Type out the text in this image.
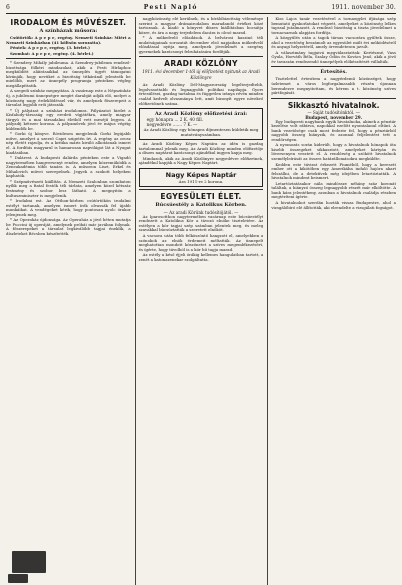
6	Pesti Napló	1911. november 30.
IRODALOM ÉS MŰVÉSZET.
A színházak műsora:

Csütörtök: A p e p e, regény. Nemzeti Színház: Miért a Nemzeti Színházban (41 költsön sorozatta).

Péntek: A p e p e, regény. (3. bérlet.)

Szombat: A p e p e, regény. (4. bérlet.)

* Szendrey Mihály jubileuma. A Szendrey-jubileum rendező-bizottsága fölkéri mindazokat, akik a Pesti Hírlaphoz megküldött aláírásaikkal az ünneplés ügyét támogatni kívánják, hogy nevüket a bizottság titkáránál jelentsék be mielőbb, mert az ünnepély programja pénteken végleg megállapíttatik.

A szegedi színház megnyitása. A vasárnap este a Népszínház új, a jubileumi ünnepségre megírt darabját adják elő, melyet a közönség nagy érdeklődéssel vár, és amelynek főszerepeit a társulat legjobb erői játsszák.

* Új pályázat a színházi irodalomra. Pályázatot hirdet a Kisfaludy-társaság egy eredeti vígjátékra, amely magyar tárgyú és a mai társadalmi életből vett meséjű legyen. A pályadíj kétezer korona. A pályaművek jövő év május végéig küldendők be.

* Gorki új könyve. Rövidesen megjelenik Gorki legújabb műve, amelyet a szerző Capri szigetén írt. A regény az orosz nép életét rajzolja, és a kritika máris kiváló alkotásnak ismeri el. A fordítás magyarul is hamarosan napvilágot lát a Nyugat kiadásában.

* Dalárest. A budapesti dalárda pénteken este a Vigadó nagytermében hangversenyt rendez, amelyen közreműködik a Zeneakadémia több tanára is. A műsoron Liszt, Erkel és Mihalovich művei szerepelnek. Jegyek a szokott helyeken kaphatók.

* Szépművészeti kiállítás. A Nemzeti Szalonban szombaton nyílik meg a fiatal festők téli tárlata, amelyen közel kétszáz festmény és szobor lesz látható. A megnyitón a kultuszminiszter is megjelenik.

* Irodalmi est. Az Otthon-körben csütörtökön irodalmi estélyt tartanak, amelyen ismert írók olvassák fel újabb munkáikat. A vendégeket kérik, hogy pontosan nyolc órakor jelenjenek meg.

* Az Operaház újdonsága. Az Operaház a jövő héten mutatja be Puccini új operáját, amelynek próbái már javában folynak. A főszerepeket a társulat legkiválóbb tagjai éneklik, a díszleteket Bécsben készítették.

nagyközönség elé kerülnek, és a bírálóbizottság véleménye szerint a magyar drámairodalom maradandó értékei közé tartoznak. A kiadó a könyvet díszes kiállításban bocsátja közre, és ára a nagy terjedelem dacára is olcsó marad.

* A műkedvelő előadások. A belvárosi kaszinó téli mulatságainak sorozatát december első napjaiban műkedvelő előadással nyitja meg, amelynek jövedelmét a szegény gyermekek karácsonyi felruházására fordítják.

ARADI KÖZLÖNY
1911. évi december 1-től új előfizetést nyitunk az Aradi Közlönyre

Az Aradi Közlöny Dél-Magyarország legelterjedtebb, legolvasottabb és legnagyobb politikai napilapja. Gyors értesülései, gazdag tartalma és független iránya révén minden család kedvelt olvasmánya lett, amit bizonyít egyre növekvő előfizetőinek száma.

Az Aradi Közlöny előfizetési árai:
egy hónapra ... 2 K. 40 fill.
negyedévre ....... 7 K. —
Az Aradi Közlöny egy hónapra díjmentesen küldetik meg mutatványszámban.

Az Aradi Közlöny Képes Naptára az idén is gazdag tartalommal jelenik meg. Az Aradi Közlöny minden előfizetője a díszes naptárat karácsonyi ajándékul ingyen kapja meg.

Mindazok, akik az Aradi Közlönyre negyedévre előfizetnek, ajándékul kapják a Nagy Képes Naptárt.

Nagy Képes Naptár
Ára 1911-re 2 korona.
EGYESÜLETI ÉLET.
Búcsúestély a Katolikus Körben.
— Az aradi Körünk tudósítójától. —

Az Iparosotthon nagytermében vasárnap este búcsúestélyt rendezett a Katolikus Kör a távozó elnöke tiszteletére. Az estélyen a kör tagjai szép számban jelentek meg, és meleg szavakkal búcsúztatták a szeretett elnököt.

A vacsora után több felköszöntő hangzott el, amelyekben a szónokok az elnök érdemeit méltatták. Az ünnepelt meghatottan mondott köszönetet a szíves megemlékezésért, és ígérte, hogy távolból is a kör hű tagja marad.

Az estély a késő éjjeli órákig kellemes hangulatban tartott, a zenét a katonazenekar szolgáltatta.

Kiss Lajos tanár vezetésével a tornaegylet ifjúsága szép bemutató gyakorlatokat végzett, amelyeket a közönség lelkes tapssal jutalmazott. A rendező bizottság a tiszta jövedelmet a tornacsarnok alapjára fordítja.

A közgyűlés után a tagok társas vacsorára gyűltek össze, ahol a vezetőség beszámolt az egyesület múlt évi működéséről és anyagi helyzetéről, amely örvendetesen javult.

A választmány tagjaivá megválasztattak: Kertészné, Vass Gyula, Horváth Béla, Szalay Ödön és Kovács Jenő, akik a jövő év tavaszán rendezendő ünnepélyek előkészítését vállalták.

Értesítés.

Tisztelettel értesítem a nagyérdemű közönséget, hogy üzletemet a város legforgalmasabb részén újonnan berendezve megnyitottam, és kérem a t. közönség szíves pártfogását.

Sikkasztó hivatalnok.
— Saját tudósítónktól. —
Budapest, november 29.

Egy budapesti nagybank egyik hivatalnoka, akinek a pénztár kezelése volt rábízva, napokkal ezelőtt nyomtalanul eltűnt. A bank vezetősége csak most fedezte fel, hogy a pénztárból nagyobb összeg hiányzik, és azonnal feljelentést tett a rendőrségen.

A nyomozás során kiderült, hogy a hivatalnok hónapok óta kisebb összegeket sikkasztott, amelyeket kártyán és lóversenyen vesztett el. A rendőrség a szökött hivatalnok személyleírását az összes határállomásokra megküldte.

Kedden este távirat érkezett Fiuméből, hogy a keresett ember ott a kikötőben egy Amerikába induló hajóra akart felszállni, de a detektívek még idejében letartóztatták. A hivatalnok mindent beismert.

Letartóztatásakor nála mindössze néhány száz koronát találtak, a hiányzó összeg legnagyobb részét már elköltötte. A bank kára jelentékeny, azonban a hivatalnok családja részben megtéríteni ígérte.

A hivatalnokot szerdán hozták vissza Budapestre, ahol a vizsgálóbíró elé állították, aki elrendelte a vizsgálati fogságot.
